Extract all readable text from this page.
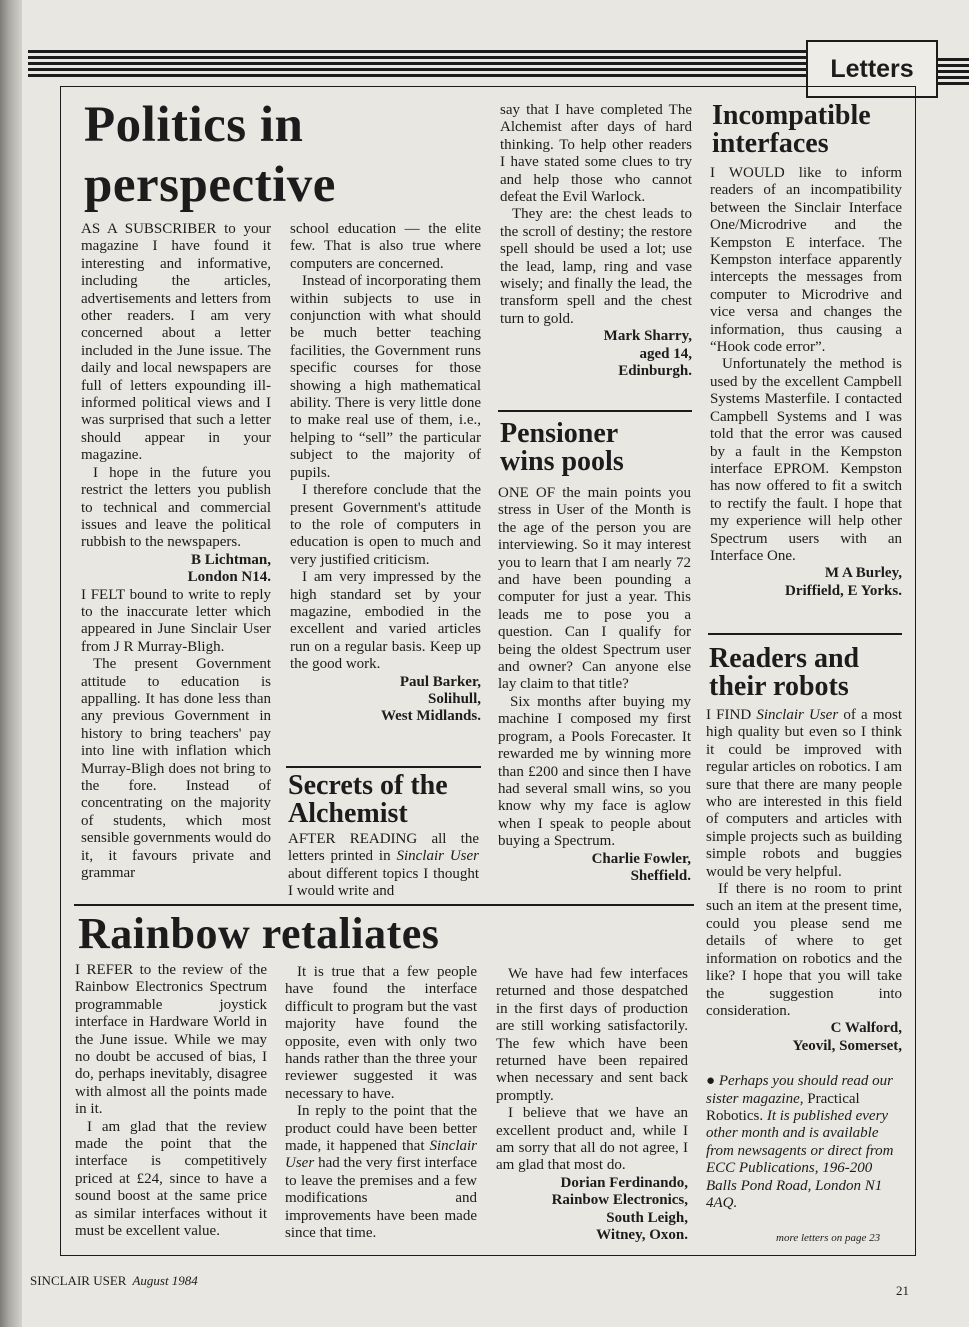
Letters
Politics in
perspective

AS A SUBSCRIBER to your magazine I have found it interesting and informative, including the articles, advertisements and letters from other readers. I am very concerned about a letter included in the June issue. The daily and local newspapers are full of letters expounding ill-informed political views and I was surprised that such a letter should appear in your magazine.

I hope in the future you restrict the letters you publish to technical and commercial issues and leave the political rubbish to the newspapers.

B Lichtman,
London N14.

I FELT bound to write to reply to the inaccurate letter which appeared in June Sinclair User from J R Murray-Bligh.

The present Government attitude to education is appalling. It has done less than any previous Government in history to bring teachers' pay into line with inflation which Murray-Bligh does not bring to the fore. Instead of concentrating on the majority of students, which most sensible governments would do it, it favours private and grammar

school education — the elite few. That is also true where computers are concerned.

Instead of incorporating them within subjects to use in conjunction with what should be much better teaching facilities, the Government runs specific courses for those showing a high mathematical ability. There is very little done to make real use of them, i.e., helping to “sell” the particular subject to the majority of pupils.

I therefore conclude that the present Government's attitude to the role of computers in education is open to much and very justified criticism.

I am very impressed by the high standard set by your magazine, embodied in the excellent and varied articles run on a regular basis. Keep up the good work.

Paul Barker,
Solihull,
West Midlands.
Secrets of the Alchemist

AFTER READING all the letters printed in Sinclair User about different topics I thought I would write and

say that I have completed The Alchemist after days of hard thinking. To help other readers I have stated some clues to try and help those who cannot defeat the Evil Warlock.

They are: the chest leads to the scroll of destiny; the restore spell should be used a lot; use the lead, lamp, ring and vase wisely; and finally the lead, the transform spell and the chest turn to gold.

Mark Sharry,
aged 14,
Edinburgh.
Pensioner wins pools

ONE OF the main points you stress in User of the Month is the age of the person you are interviewing. So it may interest you to learn that I am nearly 72 and have been pounding a computer for just a year. This leads me to pose you a question. Can I qualify for being the oldest Spectrum user and owner? Can anyone else lay claim to that title?

Six months after buying my machine I composed my first program, a Pools Forecaster. It rewarded me by winning more than £200 and since then I have had several small wins, so you know why my face is aglow when I speak to people about buying a Spectrum.

Charlie Fowler,
Sheffield.
Incompatible interfaces

I WOULD like to inform readers of an incompatibility between the Sinclair Interface One/Microdrive and the Kempston E interface. The Kempston interface apparently intercepts the messages from computer to Microdrive and vice versa and changes the information, thus causing a “Hook code error”.

Unfortunately the method is used by the excellent Campbell Systems Masterfile. I contacted Campbell Systems and I was told that the error was caused by a fault in the Kempston interface EPROM. Kempston has now offered to fit a switch to rectify the fault. I hope that my experience will help other Spectrum users with an Interface One.

M A Burley,
Driffield, E Yorks.
Readers and their robots

I FIND Sinclair User of a most high quality but even so I think it could be improved with regular articles on robotics. I am sure that there are many people who are interested in this field of computers and articles with simple projects such as building simple robots and buggies would be very helpful.

If there is no room to print such an item at the present time, could you please send me details of where to get information on robotics and the like? I hope that you will take the suggestion into consideration.

C Walford,
Yeovil, Somerset,

● Perhaps you should read our sister magazine, Practical Robotics. It is published every other month and is available from newsagents or direct from ECC Publications, 196-200 Balls Pond Road, London N1 4AQ.

more letters on page 23
Rainbow retaliates

I REFER to the review of the Rainbow Electronics Spectrum programmable joystick interface in Hardware World in the June issue. While we may no doubt be accused of bias, I do, perhaps inevitably, disagree with almost all the points made in it.

I am glad that the review made the point that the interface is competitively priced at £24, since to have a sound boost at the same price as similar interfaces without it must be excellent value.

It is true that a few people have found the interface difficult to program but the vast majority have found the opposite, even with only two hands rather than the three your reviewer suggested it was necessary to have.

In reply to the point that the product could have been better made, it happened that Sinclair User had the very first interface to leave the premises and a few modifications and improvements have been made since that time.

We have had few interfaces returned and those despatched in the first days of production are still working satisfactorily. The few which have been returned have been repaired when necessary and sent back promptly.

I believe that we have an excellent product and, while I am sorry that all do not agree, I am glad that most do.

Dorian Ferdinando,
Rainbow Electronics,
South Leigh,
Witney, Oxon.
SINCLAIR USER August 1984
21
